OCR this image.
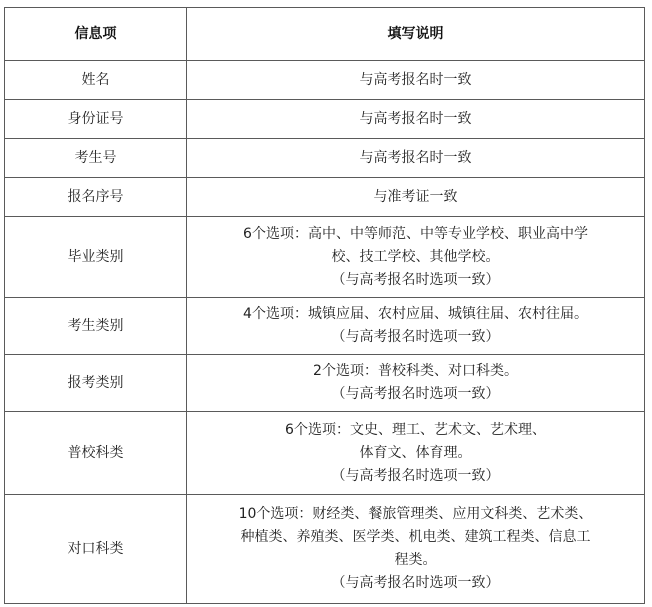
信息项	填写说明
姓名	与高考报名时一致

身份证号	与高考报名时一致

考生号	与高考报名时一致

报名序号	与准考证一致

毕业类别	6个选项：高中、中等师范、中等专业学校、职业高中学
校、技工学校、其他学校。
（与高考报名时选项一致）

考生类别	4个选项：城镇应届、农村应届、城镇往届、农村往届。
（与高考报名时选项一致）

报考类别	2个选项：普校科类、对口科类。
（与高考报名时选项一致）

普校科类	6个选项：文史、理工、艺术文、艺术理、
体育文、体育理。
（与高考报名时选项一致）

对口科类	10个选项：财经类、餐旅管理类、应用文科类、艺术类、
种植类、养殖类、医学类、机电类、建筑工程类、信息工
程类。
（与高考报名时选项一致）
